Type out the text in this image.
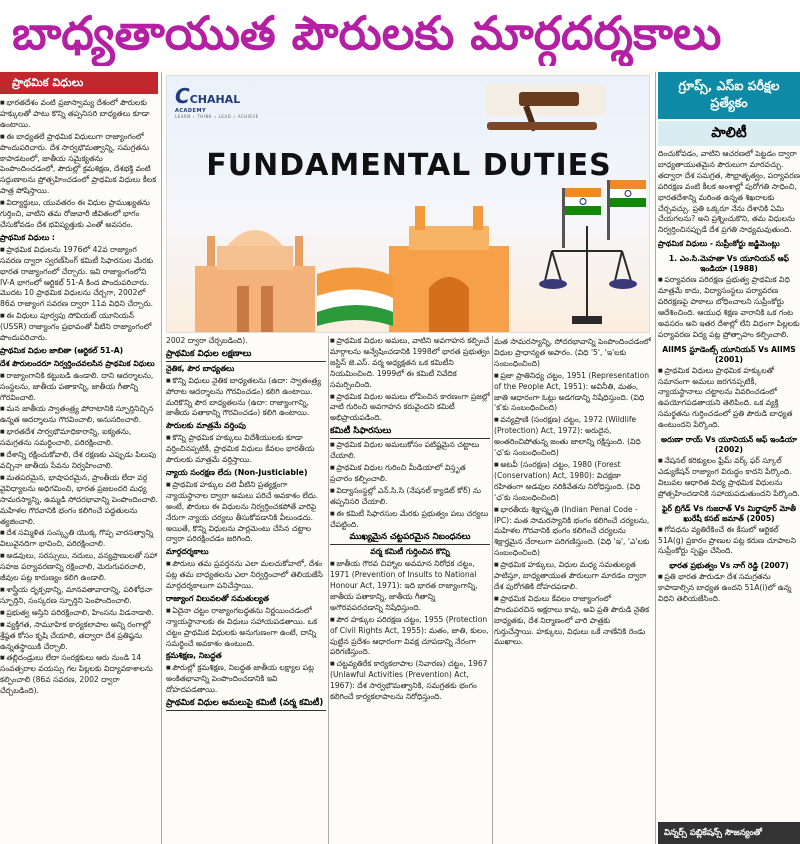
బాధ్యతాయుత పౌరులకు మార్గదర్శకాలు
ప్రాథమిక విధులు

■ భారతదేశం వంటి ప్రజాస్వామ్య దేశంలో పౌరులకు హక్కులతో పాటు కొన్ని తప్పనిసరి బాధ్యతలు కూడా ఉంటాయి.

■ ఈ బాధ్యతలే ప్రాథమిక విధులుగా రాజ్యాంగంలో పొందుపరిచారు. దేశ సార్వభౌమత్వాన్ని, సమగ్రతను కాపాడటంలో, జాతీయ సమైక్యతను పెంపొందించడంలో, పౌరుల్లో క్రమశిక్షణ, దేశభక్తి వంటి సద్గుణాలను ప్రోత్సహించడంలో ప్రాథమిక విధులు కీలక పాత్ర పోషిస్తాయి.

■ విద్యార్థులు, యువతరం ఈ విధుల ప్రాముఖ్యతను గుర్తించి, వాటిని తమ రోజువారీ జీవితంలో భాగం చేసుకోవడం దేశ భవిష్యత్తుకు ఎంతో అవసరం.

ప్రాథమిక విధులు :

■ ప్రాథమిక విధులను 1976లో 42వ రాజ్యాంగ సవరణ ద్వారా స్వరణ్‌సింగ్ కమిటీ సిఫారసుల మేరకు భారత రాజ్యాంగంలో చేర్చారు. ఇవి రాజ్యాంగంలోని IV-A భాగంలో ఆర్టికల్ 51-A కింద పొందుపరిచారు. మొదట 10 ప్రాథమిక విధులను చేర్చగా, 2002లో 86వ రాజ్యాంగ సవరణ ద్వారా 11వ విధిని చేర్చారు.

■ ఈ విధులు పూర్వపు సోవియట్ యూనియన్ (USSR) రాజ్యాంగం ప్రభావంతో వీటిని రాజ్యాంగంలో పొందుపరిచారు.

ప్రాథమిక విధుల జాబితా (ఆర్టికల్ 51-A)

దేశ పౌరులందరూ నిర్వర్తించవలసిన ప్రాథమిక విధులు

■ రాజ్యాంగానికి కట్టుబడి ఉండాలి. దాని ఆదర్శాలను, సంస్థలను, జాతీయ పతాకాన్ని, జాతీయ గీతాన్ని గౌరవించాలి.

■ మన జాతీయ స్వాతంత్ర్య పోరాటానికి స్ఫూర్తినిచ్చిన ఉన్నత ఆదర్శాలను గౌరవించాలి, అనుసరించాలి.

■ భారతదేశ సార్వభౌమాధికారాన్ని, ఐక్యతను, సమగ్రతను సమర్థించాలి, పరిరక్షించాలి.

■ దేశాన్ని రక్షించుకోవాలి, దేశ రక్షణకు ఎప్పుడు పిలుపు వచ్చినా జాతీయ సేవను నిర్వహించాలి.

■ మతపరమైన, భాషాపరమైన, ప్రాంతీయ లేదా వర్గ వైవిధ్యాలను అధిగమించి, భారత ప్రజలందరి మధ్య సామరస్యాన్ని, ఉమ్మడి సోదరభావాన్ని పెంపొందించాలి. మహిళల గౌరవానికి భంగం కలిగించే పద్ధతులను త్యజించాలి.

■ దేశ సమ్మిళిత సంస్కృతి యొక్క గొప్ప వారసత్వాన్ని విలువైనదిగా భావించి, పరిరక్షించాలి.

■ అడవులు, సరస్సులు, నదులు, వన్యప్రాణులతో సహా సహజ పర్యావరణాన్ని రక్షించాలి, మెరుగుపరచాలి, జీవుల పట్ల కారుణ్యం కలిగి ఉండాలి.

■ శాస్త్రీయ దృక్పథాన్ని, మానవతావాదాన్ని, పరిశోధనా స్ఫూర్తిని, సంస్కరణ స్ఫూర్తిని పెంపొందించాలి.

■ ప్రభుత్వ ఆస్తిని పరిరక్షించాలి, హింసను విడనాడాలి.

■ వ్యక్తిగత, సామూహిక కార్యకలాపాల అన్ని రంగాల్లో శ్రేష్ఠత కోసం కృషి చేయాలి, తద్వారా దేశ ప్రతిష్ఠను ఉన్నతస్థాయికి చేర్చాలి.

■ తల్లిదండ్రులు లేదా సంరక్షకులు ఆరు నుండి 14 సంవత్సరాల వయస్సు గల పిల్లలకు విద్యావకాశాలను కల్పించాలి (86వ సవరణ, 2002 ద్వారా చేర్చబడింది).

CCHAHAL
ACADEMY
LEARN ∙ THINK ∙ LEAD ∙ ACHIEVE
FUNDAMENTAL DUTIES

2002 ద్వారా చేర్చబడింది).

ప్రాథమిక విధుల లక్షణాలు

నైతిక, పౌర బాధ్యతలు

■ కొన్ని విధులు నైతిక బాధ్యతలను (ఉదా: స్వాతంత్ర్య పోరాట ఆదర్శాలను గౌరవించడం) కలిగి ఉంటాయి. మరికొన్ని పౌర బాధ్యతలను (ఉదా: రాజ్యాంగాన్ని, జాతీయ పతాకాన్ని గౌరవించడం) కలిగి ఉంటాయి.

పౌరులకు మాత్రమే వర్తింపు

■ కొన్ని ప్రాథమిక హక్కులు విదేశీయులకు కూడా వర్తించినప్పటికీ, ప్రాథమిక విధులు కేవలం భారతీయ పౌరులకు మాత్రమే వర్తిస్తాయి.

న్యాయ సంరక్షణ లేదు (Non-Justiciable)

■ ప్రాథమిక హక్కుల వలె వీటిని ప్రత్యక్షంగా న్యాయస్థానాల ద్వారా అమలు పరిచే అవకాశం లేదు. అంటే, పౌరులు ఈ విధులను నిర్వర్తించకపోతే వారిపై నేరుగా న్యాయ చర్యలు తీసుకోవడానికి వీలుండదు. అయితే, కొన్ని విధులను పార్లమెంటు చేసిన చట్టాల ద్వారా పరిరక్షించడం జరిగింది.

మార్గదర్శకాలు

■ పౌరులు తమ ప్రవర్తనను ఎలా మలచుకోవాలో, దేశం పట్ల తమ బాధ్యతలను ఎలా నిర్వర్తించాలో తెలియజేసే మార్గదర్శకాలుగా పనిచేస్తాయి.

రాజ్యాంగ విలువలతో సమతుల్యత

■ ఏదైనా చట్టం రాజ్యాంగబద్ధతను నిర్ణయించడంలో న్యాయస్థానాలకు ఈ విధులు సహాయపడతాయి. ఒక చట్టం ప్రాథమిక విధులకు అనుగుణంగా ఉంటే, దాన్ని సమర్థించే అవకాశం ఉంటుంది.

క్రమశిక్షణ, నిబద్ధత

■ పౌరుల్లో క్రమశిక్షణ, నిబద్ధత జాతీయ లక్ష్యాల పట్ల అంకితభావాన్ని పెంపొందించడానికి ఇవి దోహదపడతాయి.

ప్రాథమిక విధుల అమలుపై కమిటీ (వర్మ కమిటీ)

■ ప్రాథమిక విధుల అమలు, వాటిని అవగాహన కల్పించే మార్గాలను అన్వేషించడానికి 1998లో భారత ప్రభుత్వం జస్టిస్ జె.ఎస్. వర్మ అధ్యక్షతన ఒక కమిటీని నియమించింది. 1999లో ఈ కమిటీ నివేదిక సమర్పించింది.

■ ప్రాథమిక విధుల అమలు లోపించిన కారణంగా ప్రజల్లో వాటి గురించి అవగాహన కరువైందని కమిటీ అభిప్రాయపడింది.

కమిటీ సిఫారసులు

■ ప్రాథమిక విధుల అమలుకోసం పటిష్టమైన చట్టాలు చేయాలి.

■ ప్రాథమిక విధుల గురించి మీడియాలో విస్తృత ప్రచారం కల్పించాలి.

■ విద్యాసంస్థల్లో ఎన్‌.సి.సి (నేషనల్ క్యాడెట్ కోర్) ను తప్పనిసరి చేయాలి.

■ ఈ కమిటీ సిఫారసుల మేరకు ప్రభుత్వం పలు చర్యలు చేపట్టింది.

ముఖ్యమైన చట్టపరమైన నిబంధనలు

వర్మ కమిటీ గుర్తించిన కొన్ని

■ జాతీయ గౌరవ చిహ్నాల అవమాన నిరోధక చట్టం, 1971 (Prevention of Insults to National Honour Act, 1971): ఇది భారత రాజ్యాంగాన్ని, జాతీయ పతాకాన్ని, జాతీయ గీతాన్ని అగౌరవపరచడాన్ని నిషేధిస్తుంది.

■ పౌర హక్కుల పరిరక్షణ చట్టం, 1955 (Protection of Civil Rights Act, 1955): మతం, జాతి, కులం, పుట్టిన ప్రదేశం ఆధారంగా వివక్ష చూపడాన్ని నేరంగా పరిగణిస్తుంది.

■ చట్టవ్యతిరేక కార్యకలాపాల (నివారణ) చట్టం, 1967 (Unlawful Activities (Prevention) Act, 1967): దేశ సార్వభౌమత్వానికి, సమగ్రతకు భంగం కలిగించే కార్యకలాపాలను నిరోధిస్తుంది.

మత సామరస్యాన్ని, సోదరభావాన్ని పెంపొందించడంలో విధుల ప్రాధాన్యత అపారం. (విధి '5', 'ఇ'లకు సంబంధించింది)

■ ప్రజా ప్రాతినిధ్య చట్టం, 1951 (Representation of the People Act, 1951): అవినీతి, మతం, జాతి ఆధారంగా ఓట్లు అడగడాన్ని నిషేధిస్తుంది. (విధి 'క'కు సంబంధించింది)

■ వన్యప్రాణి (సంరక్షణ) చట్టం, 1972 (Wildlife (Protection) Act, 1972): అరుదైన, అంతరించిపోతున్న జంతు జాలాన్ని రక్షిస్తుంది. (విధి 'ఛ'కు సంబంధించింది)

■ అటవీ (సంరక్షణ) చట్టం, 1980 (Forest (Conservation) Act, 1980): విచక్షణా రహితంగా అడవుల నరికివేతను నిరోధిస్తుంది. (విధి 'ఛ'కు సంబంధించింది)

■ భారతీయ శిక్షాస్మృతి (Indian Penal Code - IPC): మత సామరస్యానికి భంగం కలిగించే చర్యలను, మహిళల గౌరవానికి భంగం కలిగించే చర్యలను శిక్షార్హమైన నేరాలుగా పరిగణిస్తుంది. (విధి 'ఇ', 'ఎ'లకు సంబంధించింది)

■ ప్రాథమిక హక్కులు, విధుల మధ్య సమతుల్యత పాటిస్తూ, బాధ్యతాయుత పౌరులుగా మారడం ద్వారా దేశ పురోగతికి దోహదపడాలి.

■ ప్రాథమిక విధులు కేవలం రాజ్యాంగంలో పొందుపరచిన అక్షరాలు కావు, అవి ప్రతి పౌరుడి నైతిక బాధ్యతకు, దేశ నిర్మాణంలో వారి పాత్రకు గుర్తుచేస్తాయి. హక్కులు, విధులు ఒకే నాణేనికి రెండు ముఖాలు.

గ్రూప్స్, ఎస్ఐ పరీక్షల ప్రత్యేకం
పాలిటీ

దించుకోవడం, వాటిని ఆచరణలో పెట్టడం ద్వారా బాధ్యతాయుతమైన పౌరులుగా మారవచ్చు. తద్వారా దేశ సమగ్రత, సౌభ్రాతృత్వం, పర్యావరణ పరిరక్షణ వంటి కీలక అంశాల్లో పురోగతి సాధించి, భారతదేశాన్ని మరింత ఉన్నత శిఖరాలకు చేర్చవచ్చు. ప్రతి ఒక్కరూ నేను దేశానికి ఏమి చేయగలను? అని ప్రశ్నించుకొని, తమ విధులను నిర్వర్తించినప్పుడే దేశ ప్రగతి సాధ్యమవుతుంది.

ప్రాథమిక విధులు - సుప్రీంకోర్టు జడ్జిమెంట్లు

1. ఎం.సి.మెహతా Vs యూనియన్ ఆఫ్ ఇండియా (1988)

■ పర్యావరణ పరిరక్షణ ప్రభుత్వ ప్రాథమిక విధి మాత్రమే కాదు, విద్యాసంస్థలు పర్యావరణ పరిరక్షణపై పాఠాలు బోధించాలని సుప్రీంకోర్టు ఆదేశించింది. ఆయుధ శిక్షణ వారానికి ఒక గంట అవసరం అని ఇతర దేశాల్లో లేని విధంగా పిల్లలకు పర్యావరణ విద్య పట్ల ప్రోత్సాహం కల్పించాలి.

AIIMS స్టూడెంట్స్ యూనియన్ Vs AIIMS (2001)

■ ప్రాథమిక విధులు ప్రాథమిక హక్కులతో సమానంగా అమలు జరగనప్పటికీ, న్యాయస్థానాలు చట్టాలను వివరించడంలో ఉపయోగపడతాయని తెలిపింది. ఒక వ్యక్తి సమర్థతను గుర్తించడంలో ప్రతి పౌరుడి బాధ్యత ఉంటుందని పేర్కొంది.

అరుణా రాయ్ Vs యూనియన్ ఆఫ్ ఇండియా (2002)

■ నేషనల్ కరిక్యులం ఫ్రేమ్ వర్క్ ఫర్ స్కూల్ ఎడ్యుకేషన్ రాజ్యాంగ విరుద్ధం కాదని పేర్కొంది. విలువల ఆధారిత విద్య ప్రాథమిక విధులను ప్రోత్సహించడానికి సహాయపడుతుందని పేర్కొంది.

ఫైర్ బ్రిగేడ్ Vs గుజరాత్ Vs మిర్జాపూర్ మోతీ ఖురేషీ కసబ్ జమాత్ (2005)

■ గోవధను వ్యతిరేకించే ఈ కేసులో ఆర్టికల్ 51A(g) ప్రకారం ప్రాణుల పట్ల కరుణ చూపాలని సుప్రీంకోర్టు స్పష్టం చేసింది.

భారత ప్రభుత్వం Vs నాగ్ రెడ్డి (2007)

■ ప్రతి భారత పౌరుడూ దేశ సమగ్రతను కాపాడాల్సిన బాధ్యత ఉందని 51A(i)లో ఉన్న విధిని తెలియజేసింది.

విన్నర్స్ పబ్లికేషన్స్ సౌజన్యంతో
